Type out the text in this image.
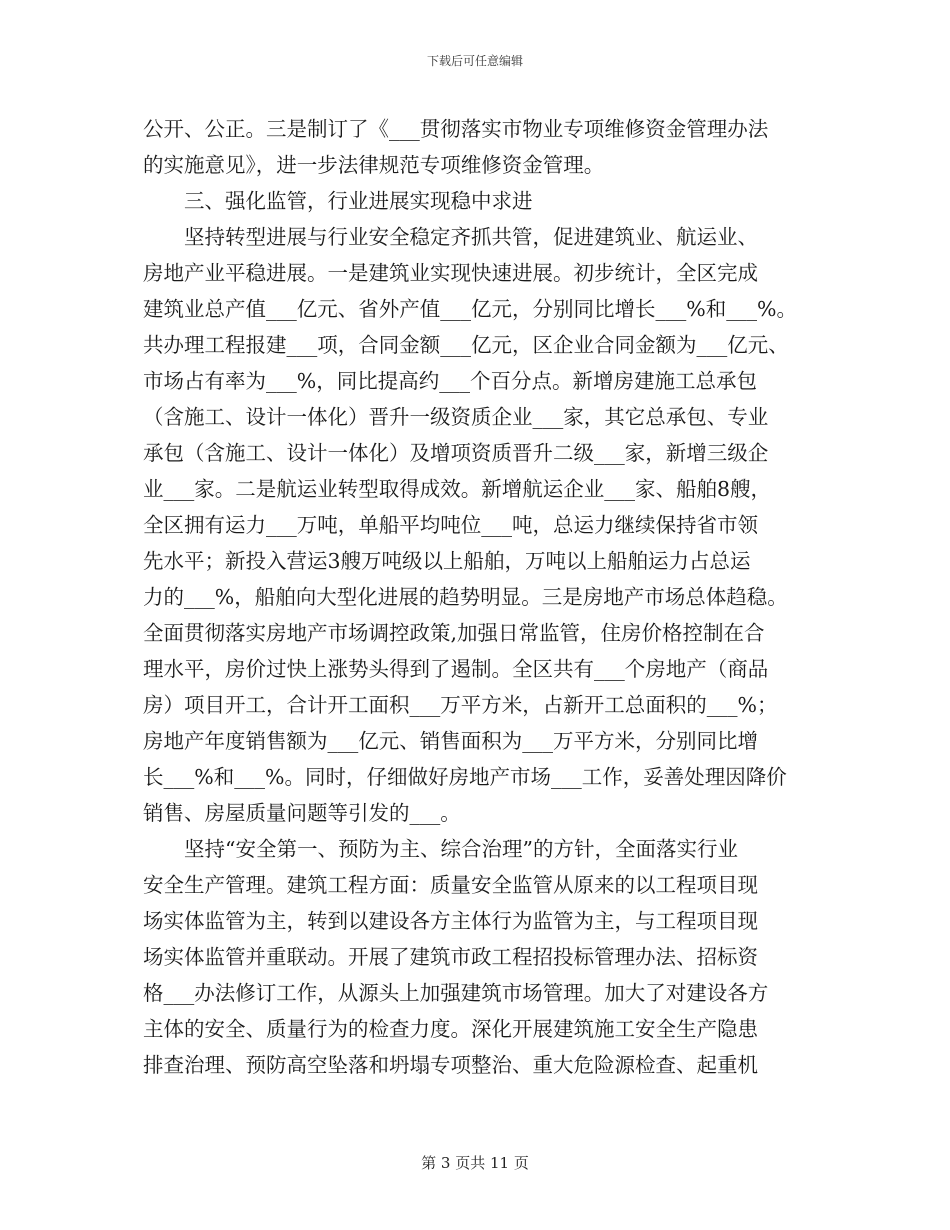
下载后可任意编辑
公开、公正。三是制订了《___贯彻落实市物业专项维修资金管理办法
的实施意见》，进一步法律规范专项维修资金管理。
　　三、强化监管，行业进展实现稳中求进
　　坚持转型进展与行业安全稳定齐抓共管，促进建筑业、航运业、
房地产业平稳进展。一是建筑业实现快速进展。初步统计，全区完成
建筑业总产值___亿元、省外产值___亿元，分别同比增长___%和___%。
共办理工程报建___项，合同金额___亿元，区企业合同金额为___亿元、
市场占有率为___%，同比提高约___个百分点。新增房建施工总承包
（含施工、设计一体化）晋升一级资质企业___家，其它总承包、专业
承包（含施工、设计一体化）及增项资质晋升二级___家，新增三级企
业___家。二是航运业转型取得成效。新增航运企业___家、船舶8艘，
全区拥有运力___万吨，单船平均吨位___吨，总运力继续保持省市领
先水平；新投入营运3艘万吨级以上船舶，万吨以上船舶运力占总运
力的___%，船舶向大型化进展的趋势明显。三是房地产市场总体趋稳。
全面贯彻落实房地产市场调控政策,加强日常监管，住房价格控制在合
理水平，房价过快上涨势头得到了遏制。全区共有___个房地产（商品
房）项目开工，合计开工面积___万平方米，占新开工总面积的___%；
房地产年度销售额为___亿元、销售面积为___万平方米，分别同比增
长___%和___%。同时，仔细做好房地产市场___工作，妥善处理因降价
销售、房屋质量问题等引发的___。
　　坚持“安全第一、预防为主、综合治理”的方针，全面落实行业
安全生产管理。建筑工程方面：质量安全监管从原来的以工程项目现
场实体监管为主，转到以建设各方主体行为监管为主，与工程项目现
场实体监管并重联动。开展了建筑市政工程招投标管理办法、招标资
格___办法修订工作，从源头上加强建筑市场管理。加大了对建设各方
主体的安全、质量行为的检查力度。深化开展建筑施工安全生产隐患
排查治理、预防高空坠落和坍塌专项整治、重大危险源检查、起重机
第 3 页共 11 页
